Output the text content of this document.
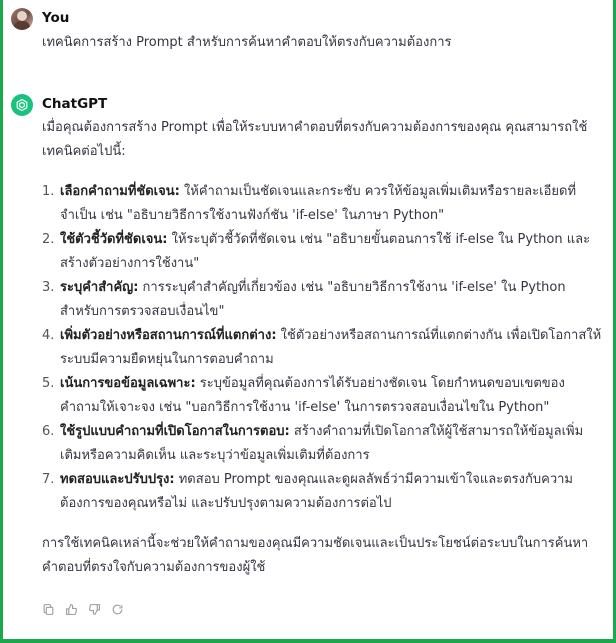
You

เทคนิคการสร้าง Prompt สำหรับการค้นหาคำตอบให้ตรงกับความต้องการ

ChatGPT

เมื่อคุณต้องการสร้าง Prompt เพื่อให้ระบบหาคำตอบที่ตรงกับความต้องการของคุณ คุณสามารถใช้เทคนิคต่อไปนี้:

1. เลือกคำถามที่ชัดเจน: ให้คำถามเป็นชัดเจนและกระชับ ควรให้ข้อมูลเพิ่มเติมหรือรายละเอียดที่จำเป็น เช่น "อธิบายวิธีการใช้งานฟังก์ชัน 'if-else' ในภาษา Python"
2. ใช้ตัวชี้วัดที่ชัดเจน: ให้ระบุตัวชี้วัดที่ชัดเจน เช่น "อธิบายขั้นตอนการใช้ if-else ใน Python และสร้างตัวอย่างการใช้งาน"
3. ระบุคำสำคัญ: การระบุคำสำคัญที่เกี่ยวข้อง เช่น "อธิบายวิธีการใช้งาน 'if-else' ใน Python สำหรับการตรวจสอบเงื่อนไข"
4. เพิ่มตัวอย่างหรือสถานการณ์ที่แตกต่าง: ใช้ตัวอย่างหรือสถานการณ์ที่แตกต่างกัน เพื่อเปิดโอกาสให้ระบบมีความยืดหยุ่นในการตอบคำถาม
5. เน้นการขอข้อมูลเฉพาะ: ระบุข้อมูลที่คุณต้องการได้รับอย่างชัดเจน โดยกำหนดขอบเขตของคำถามให้เจาะจง เช่น "บอกวิธีการใช้งาน 'if-else' ในการตรวจสอบเงื่อนไขใน Python"
6. ใช้รูปแบบคำถามที่เปิดโอกาสในการตอบ: สร้างคำถามที่เปิดโอกาสให้ผู้ใช้สามารถให้ข้อมูลเพิ่มเติมหรือความคิดเห็น และระบุว่าข้อมูลเพิ่มเติมที่ต้องการ
7. ทดสอบและปรับปรุง: ทดสอบ Prompt ของคุณและดูผลลัพธ์ว่ามีความเข้าใจและตรงกับความต้องการของคุณหรือไม่ และปรับปรุงตามความต้องการต่อไป

การใช้เทคนิคเหล่านี้จะช่วยให้คำถามของคุณมีความชัดเจนและเป็นประโยชน์ต่อระบบในการค้นหาคำตอบที่ตรงใจกับความต้องการของผู้ใช้
